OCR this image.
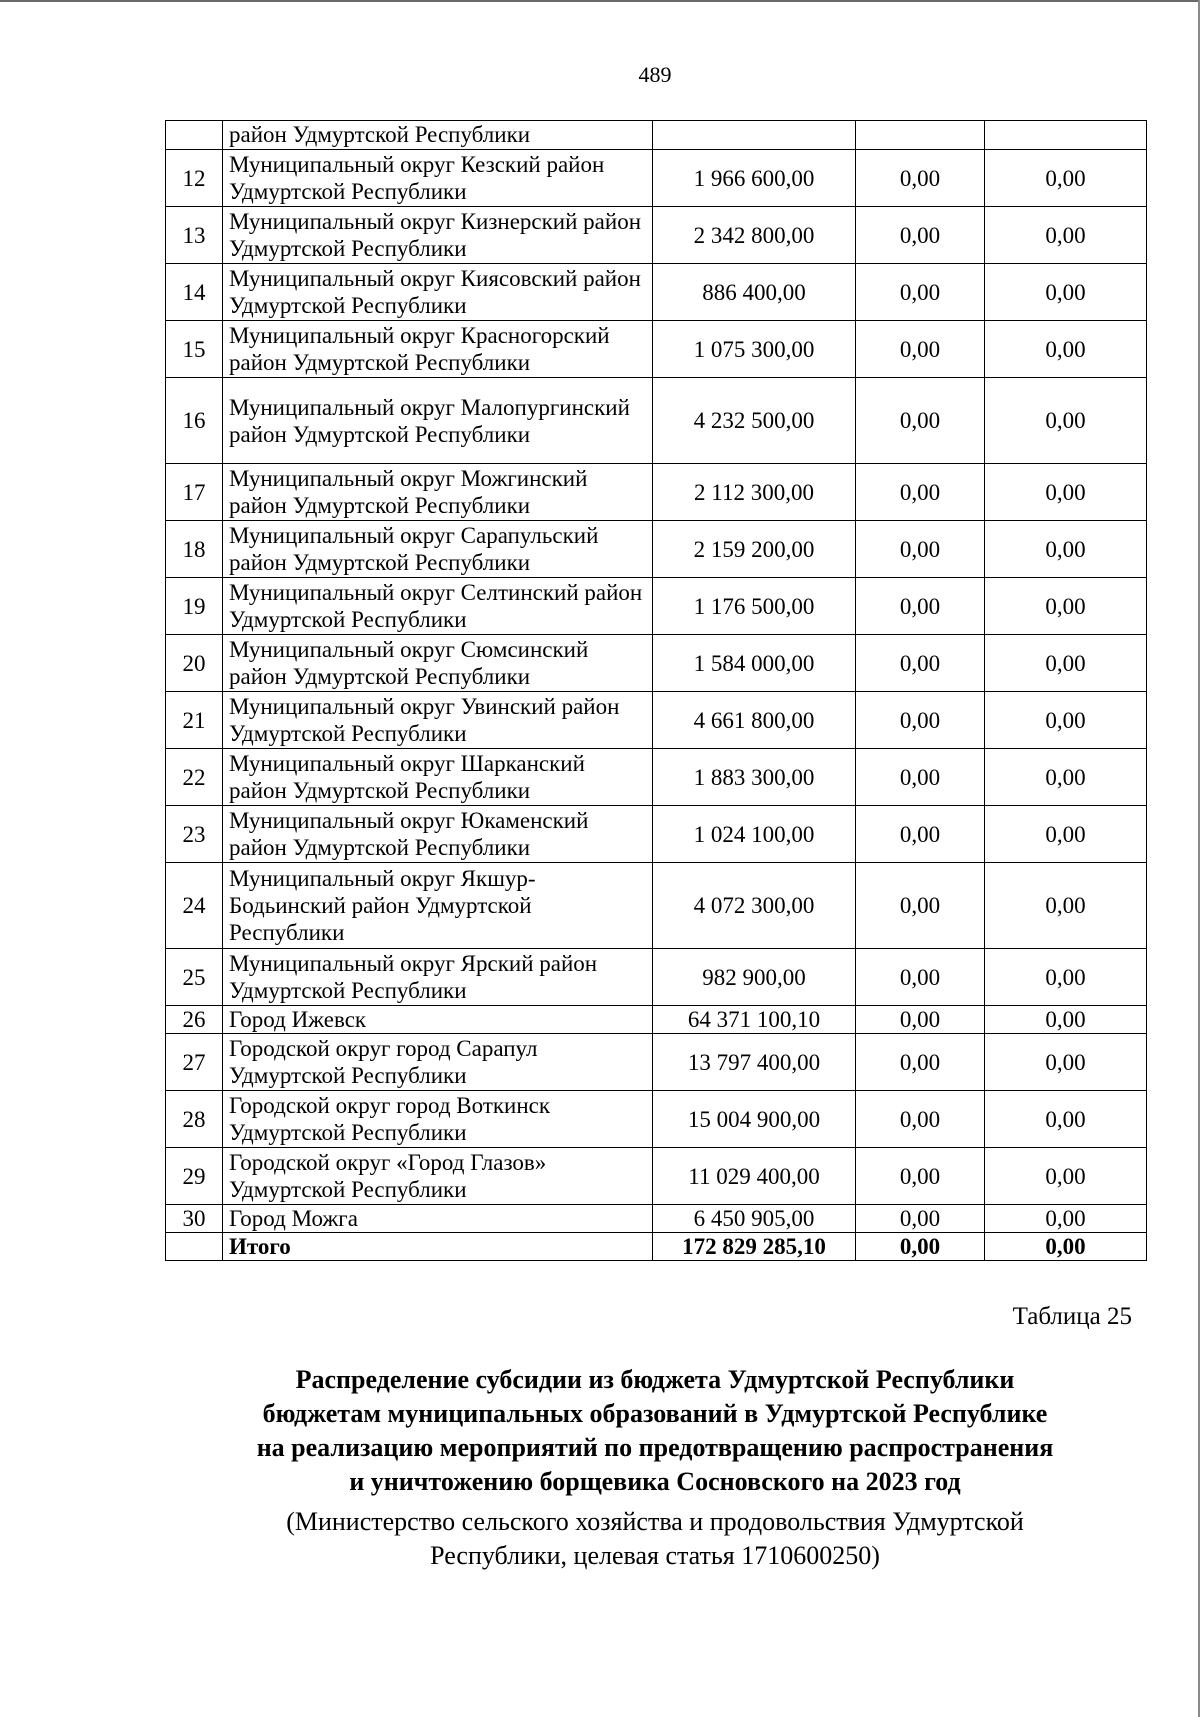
489
	район Удмуртской Республики			
12	Муниципальный округ Кезский район Удмуртской Республики	1 966 600,00	0,00	0,00
13	Муниципальный округ Кизнерский район Удмуртской Республики	2 342 800,00	0,00	0,00
14	Муниципальный округ Киясовский район Удмуртской Республики	886 400,00	0,00	0,00
15	Муниципальный округ Красногорский район Удмуртской Республики	1 075 300,00	0,00	0,00
16	Муниципальный округ Малопургинский район Удмуртской Республики	4 232 500,00	0,00	0,00
17	Муниципальный округ Можгинский район Удмуртской Республики	2 112 300,00	0,00	0,00
18	Муниципальный округ Сарапульский район Удмуртской Республики	2 159 200,00	0,00	0,00
19	Муниципальный округ Селтинский район Удмуртской Республики	1 176 500,00	0,00	0,00
20	Муниципальный округ Сюмсинский район Удмуртской Республики	1 584 000,00	0,00	0,00
21	Муниципальный округ Увинский район Удмуртской Республики	4 661 800,00	0,00	0,00
22	Муниципальный округ Шарканский район Удмуртской Республики	1 883 300,00	0,00	0,00
23	Муниципальный округ Юкаменский район Удмуртской Республики	1 024 100,00	0,00	0,00
24	Муниципальный округ Якшур-Бодьинский район Удмуртской Республики	4 072 300,00	0,00	0,00
25	Муниципальный округ Ярский район Удмуртской Республики	982 900,00	0,00	0,00
26	Город Ижевск	64 371 100,10	0,00	0,00
27	Городской округ город Сарапул Удмуртской Республики	13 797 400,00	0,00	0,00
28	Городской округ город Воткинск Удмуртской Республики	15 004 900,00	0,00	0,00
29	Городской округ «Город Глазов» Удмуртской Республики	11 029 400,00	0,00	0,00
30	Город Можга	6 450 905,00	0,00	0,00
	Итого	172 829 285,10	0,00	0,00
Таблица 25
Распределение субсидии из бюджета Удмуртской Республики
бюджетам муниципальных образований в Удмуртской Республике
на реализацию мероприятий по предотвращению распространения
и уничтожению борщевика Сосновского на 2023 год
(Министерство сельского хозяйства и продовольствия Удмуртской
Республики, целевая статья 1710600250)
